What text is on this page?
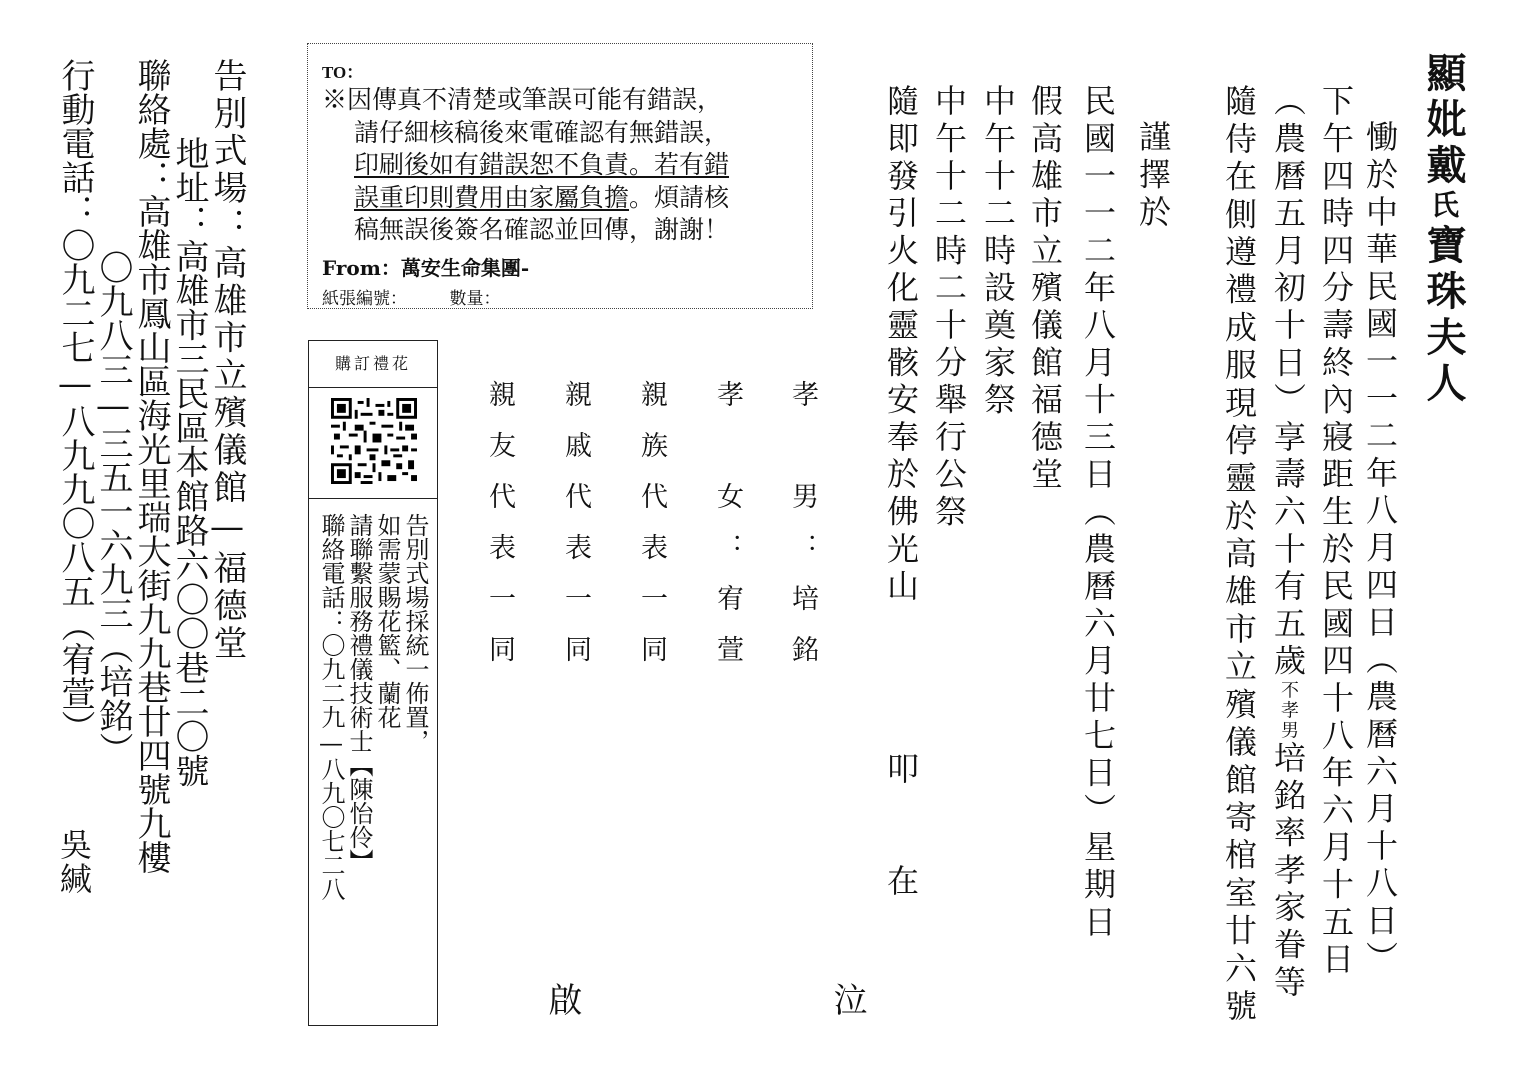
顯妣戴氏寶珠夫人
慟於中華民國一一二年八月四日（農曆六月十八日）
下午四時四分壽終內寢距生於民國四十八年六月十五日
（農曆五月初十日）享壽六十有五歲不孝男培銘率孝家眷等
隨侍在側遵禮成服現停靈於高雄市立殯儀館寄棺室廿六號
謹擇於
民國一一二年八月十三日（農曆六月廿七日）星期日
假高雄市立殯儀館福德堂
中午十二時設奠家祭
中午十二時二十分舉行公祭
隨即發引火化靈骸安奉於佛光山
叩
在
孝　男：培銘
孝　女：宥萱
親族代表一同
親戚代表一同
親友代表一同
泣
啟
TO：
※因傳真不清楚或筆誤可能有錯誤，
請仔細核稿後來電確認有無錯誤，
印刷後如有錯誤恕不負責。若有錯
誤重印則費用由家屬負擔。煩請核
稿無誤後簽名確認並回傳，謝謝！
From：萬安生命集團-
紙張編號：　　　數量：
購訂禮花
告別式場採統一佈置，
如需蒙賜花籃、蘭花
請聯繫服務禮儀技術士【陳怡伶】
聯絡電話：〇九二九—八九〇七二八
告別式場：高雄市立殯儀館—福德堂
地址：高雄市三民區本館路六〇〇巷二〇號
聯絡處：高雄市鳳山區海光里瑞大街九九巷廿四號九樓
〇九八三—三五一六九三（培銘）
行動電話：〇九二七—八九九〇八五（宥萱）
吳緘
